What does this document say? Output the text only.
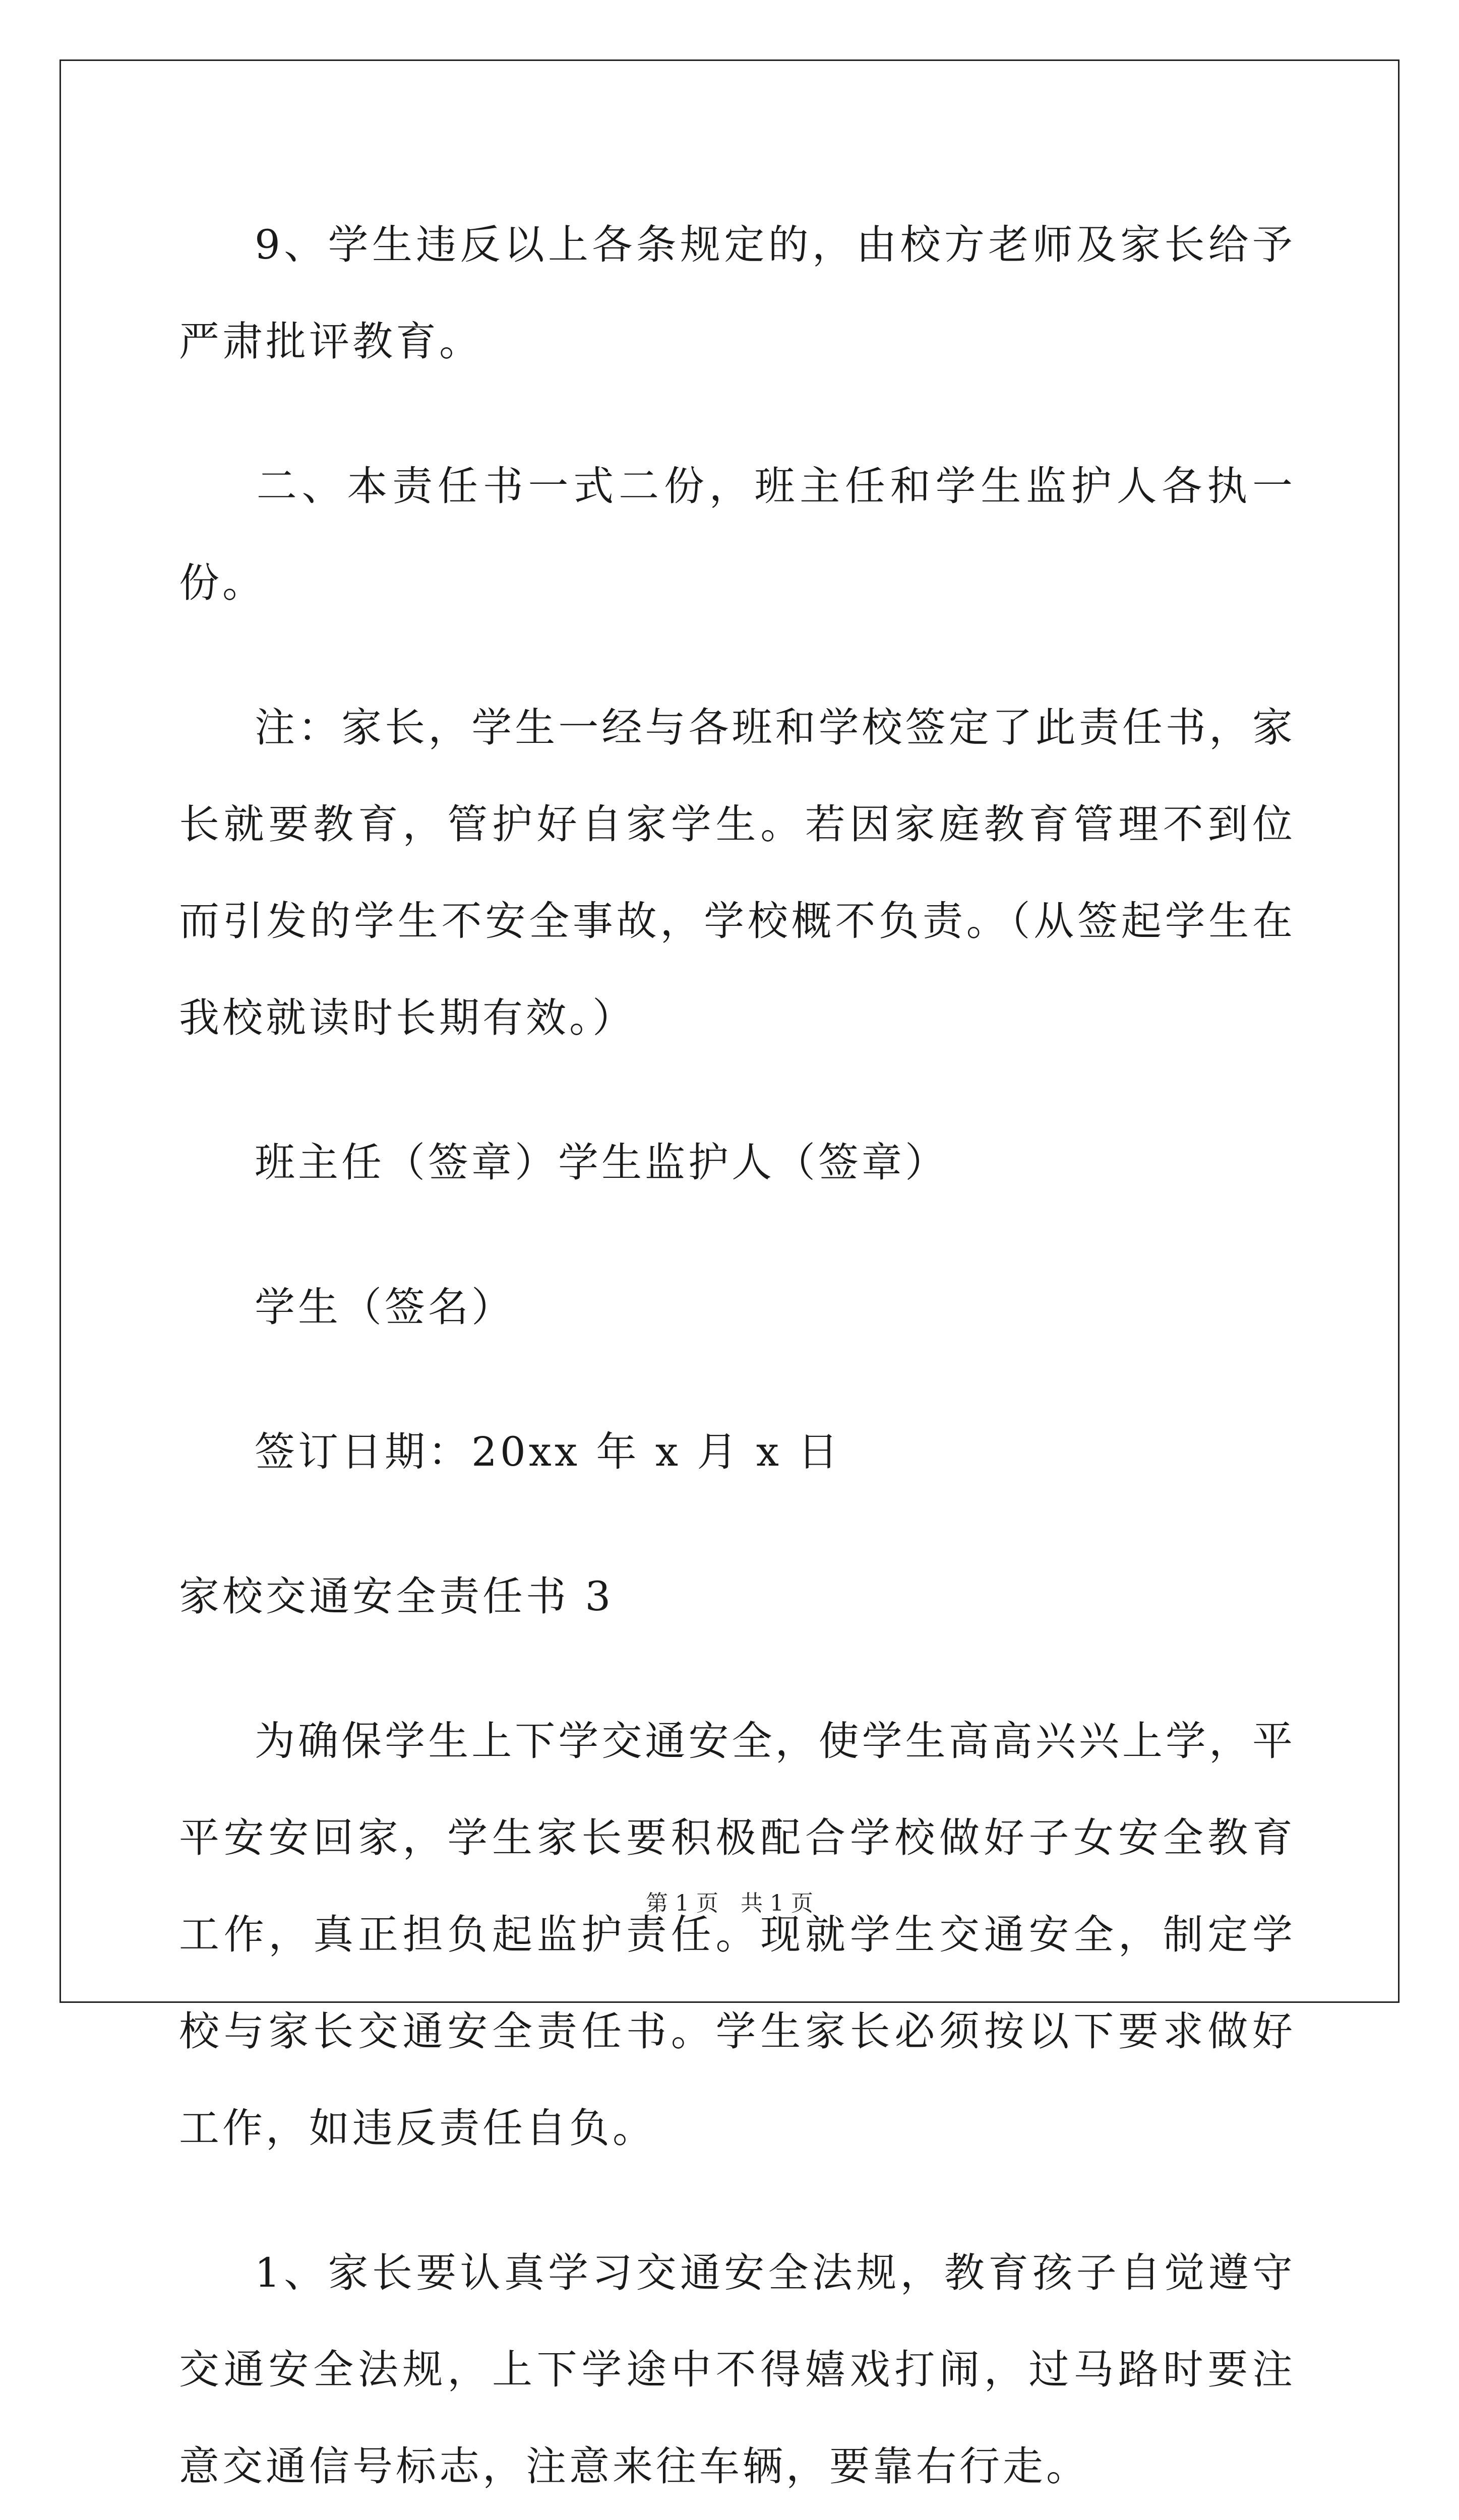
9、学生违反以上各条规定的，由校方老师及家长给予严肃批评教育。

二、本责任书一式二份，班主任和学生监护人各执一份。

注：家长，学生一经与各班和学校签定了此责任书，家长就要教育，管护好自家学生。若因家庭教育管理不到位而引发的学生不安全事故，学校概不负责。（从签起学生在我校就读时长期有效。）

班主任（签章）学生监护人（签章）

学生（签名）

签订日期：20xx 年 x 月 x 日

家校交通安全责任书 3

为确保学生上下学交通安全，使学生高高兴兴上学，平平安安回家，学生家长要积极配合学校做好子女安全教育工作，真正担负起监护责任。现就学生交通安全，制定学校与家长交通安全责任书。学生家长必须按以下要求做好工作，如违反责任自负。

1、家长要认真学习交通安全法规，教育孩子自觉遵守交通安全法规，上下学途中不得嬉戏打闹，过马路时要注意交通信号标志，注意来往车辆，要靠右行走。

第 1 页　共 1 页
